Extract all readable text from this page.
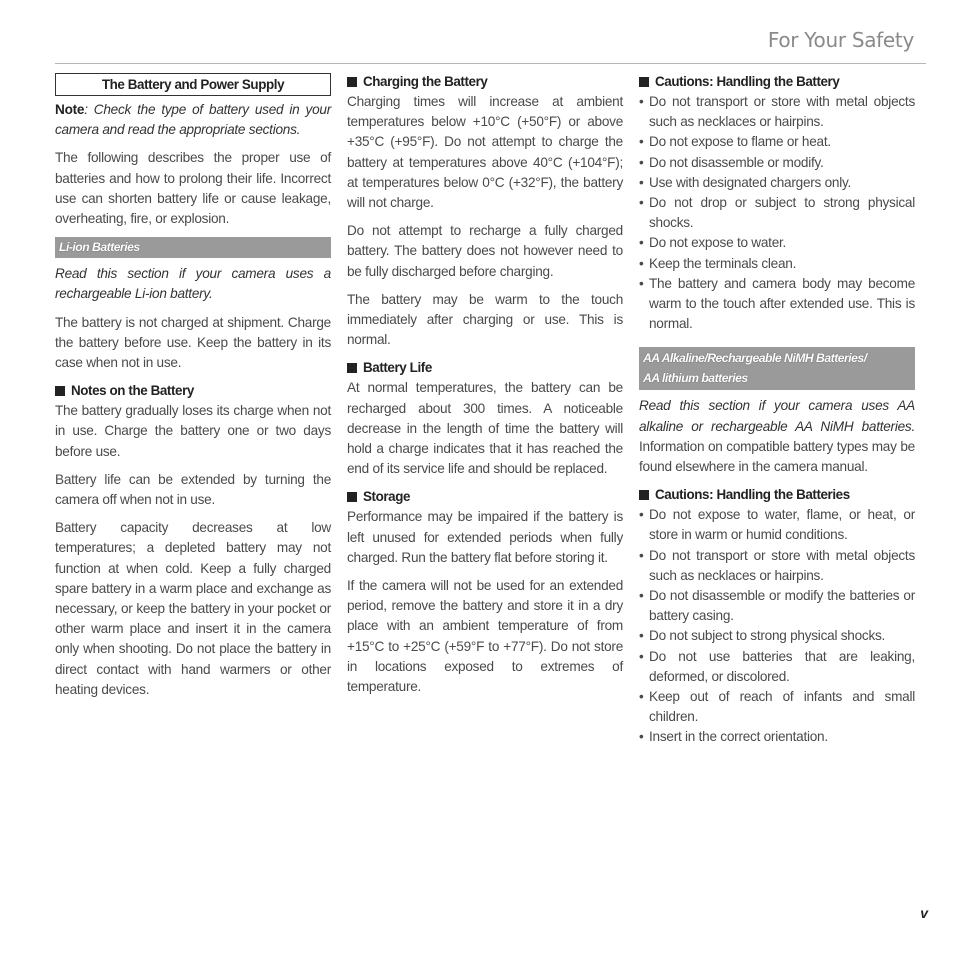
For Your Safety
The Battery and Power Supply

Note: Check the type of battery used in your camera and read the appropriate sections.

The following describes the proper use of batteries and how to prolong their life. Incorrect use can shorten battery life or cause leakage, overheating, fire, or explosion.

Li-ion Batteries

Read this section if your camera uses a rechargeable Li-ion battery.

The battery is not charged at shipment. Charge the battery before use. Keep the battery in its case when not in use.

Notes on the Battery

The battery gradually loses its charge when not in use. Charge the battery one or two days before use.

Battery life can be extended by turning the camera off when not in use.

Battery capacity decreases at low temperatures; a depleted battery may not function at when cold. Keep a fully charged spare battery in a warm place and exchange as necessary, or keep the battery in your pocket or other warm place and insert it in the camera only when shooting. Do not place the battery in direct contact with hand warmers or other heating devices.

Charging the Battery

Charging times will increase at ambient temperatures below +10°C (+50°F) or above +35°C (+95°F). Do not attempt to charge the battery at temperatures above 40°C (+104°F); at temperatures below 0°C (+32°F), the battery will not charge.

Do not attempt to recharge a fully charged battery. The battery does not however need to be fully discharged before charging.

The battery may be warm to the touch immediately after charging or use. This is normal.

Battery Life

At normal temperatures, the battery can be recharged about 300 times. A noticeable decrease in the length of time the battery will hold a charge indicates that it has reached the end of its service life and should be replaced.

Storage

Performance may be impaired if the battery is left unused for extended periods when fully charged. Run the battery flat before storing it.

If the camera will not be used for an extended period, remove the battery and store it in a dry place with an ambient temperature of from +15°C to +25°C (+59°F to +77°F). Do not store in locations exposed to extremes of temperature.

Cautions: Handling the Battery
• Do not transport or store with metal objects such as necklaces or hairpins.
• Do not expose to flame or heat.
• Do not disassemble or modify.
• Use with designated chargers only.
• Do not drop or subject to strong physical shocks.
• Do not expose to water.
• Keep the terminals clean.
• The battery and camera body may become warm to the touch after extended use. This is normal.
AA Alkaline/Rechargeable NiMH Batteries/
AA lithium batteries

Read this section if your camera uses AA alkaline or rechargeable AA NiMH batteries. Information on compatible battery types may be found elsewhere in the camera manual.

Cautions: Handling the Batteries
• Do not expose to water, flame, or heat, or store in warm or humid conditions.
• Do not transport or store with metal objects such as necklaces or hairpins.
• Do not disassemble or modify the batteries or battery casing.
• Do not subject to strong physical shocks.
• Do not use batteries that are leaking, deformed, or discolored.
• Keep out of reach of infants and small children.
• Insert in the correct orientation.
v
